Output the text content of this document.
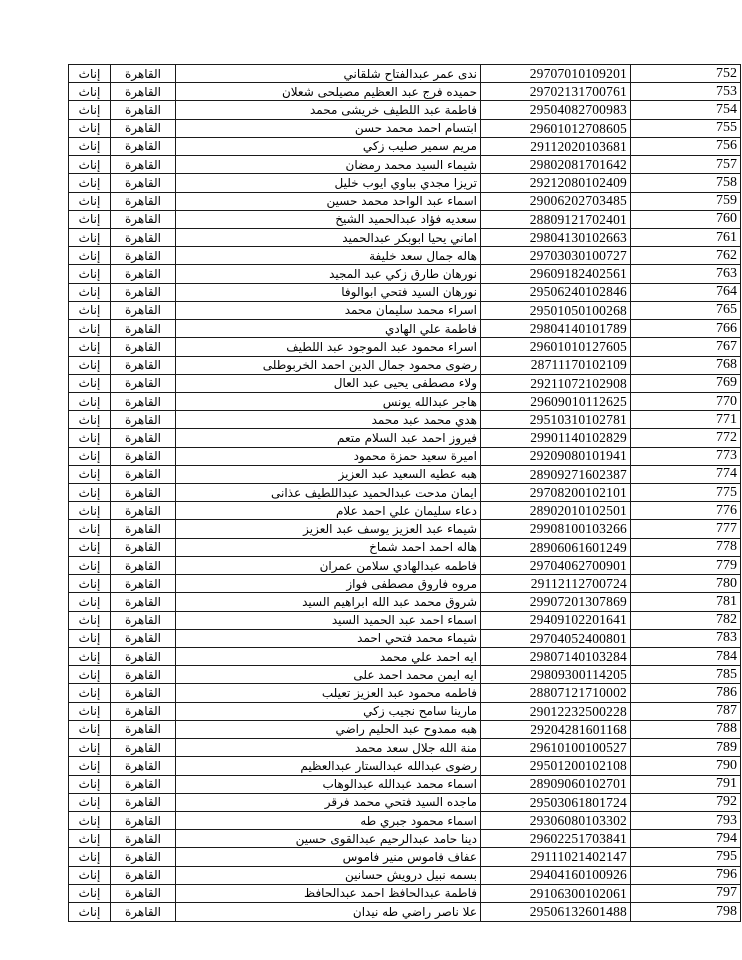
إناث	القاهرة	ندى عمر عبدالفتاح شلقاني	29707010109201	752
إناث	القاهرة	حميده فرج عبد العظيم مصيلحى شعلان	29702131700761	753
إناث	القاهرة	فاطمة عبد اللطيف خريشى محمد	29504082700983	754
إناث	القاهرة	ابتسام احمد محمد حسن	29601012708605	755
إناث	القاهرة	مريم سمير صليب زكي	29112020103681	756
إناث	القاهرة	شيماء السيد محمد رمضان	29802081701642	757
إناث	القاهرة	تريزا مجدي بباوي ايوب خليل	29212080102409	758
إناث	القاهرة	اسماء عبد الواحد محمد حسين	29006202703485	759
إناث	القاهرة	سعديه فؤاد عبدالحميد الشيخ	28809121702401	760
إناث	القاهرة	اماني يحيا ابوبكر عبدالحميد	29804130102663	761
إناث	القاهرة	هاله جمال سعد خليفة	29703030100727	762
إناث	القاهرة	نورهان طارق زكي عبد المجيد	29609182402561	763
إناث	القاهرة	نورهان السيد فتحي ابوالوفا	29506240102846	764
إناث	القاهرة	اسراء محمد سليمان محمد	29501050100268	765
إناث	القاهرة	فاطمة علي الهادي	29804140101789	766
إناث	القاهرة	اسراء محمود عبد الموجود عبد اللطيف	29601010127605	767
إناث	القاهرة	رضوى محمود جمال الدين احمد الخربوطلى	28711170102109	768
إناث	القاهرة	ولاء مصطفى يحيى عبد العال	29211072102908	769
إناث	القاهرة	هاجر عبدالله يونس	29609010112625	770
إناث	القاهرة	هدي محمد عبد محمد	29510310102781	771
إناث	القاهرة	فيروز احمد عبد السلام متعم	29901140102829	772
إناث	القاهرة	اميرة سعيد حمزة محمود	29209080101941	773
إناث	القاهرة	هبه عطيه السعيد عبد العزيز	28909271602387	774
إناث	القاهرة	ايمان مدحت عبدالحميد عبداللطيف عذانى	29708200102101	775
إناث	القاهرة	دعاء سليمان علي احمد علام	28902010102501	776
إناث	القاهرة	شيماء عبد العزيز يوسف عبد العزيز	29908100103266	777
إناث	القاهرة	هاله احمد احمد شماخ	28906061601249	778
إناث	القاهرة	فاطمه عبدالهادي سلامن عمران	29704062700901	779
إناث	القاهرة	مروه فاروق مصطفى فواز	29112112700724	780
إناث	القاهرة	شروق محمد عبد الله ابراهيم السيد	29907201307869	781
إناث	القاهرة	اسماء احمد عبد الحميد السيد	29409102201641	782
إناث	القاهرة	شيماء محمد فتحي احمد	29704052400801	783
إناث	القاهرة	ايه احمد علي محمد	29807140103284	784
إناث	القاهرة	ايه ايمن محمد احمد على	29809300114205	785
إناث	القاهرة	فاطمه محمود عبد العزيز تعيلب	28807121710002	786
إناث	القاهرة	مارينا سامح نجيب زكي	29012232500228	787
إناث	القاهرة	هبه ممدوح عبد الحليم راضي	29204281601168	788
إناث	القاهرة	منة الله جلال سعد محمد	29610100100527	789
إناث	القاهرة	رضوى عبدالله عبدالستار عبدالعظيم	29501200102108	790
إناث	القاهرة	اسماء محمد عبدالله عبدالوهاب	28909060102701	791
إناث	القاهرة	ماجده السيد فتحي محمد فرقر	29503061801724	792
إناث	القاهرة	اسماء محمود جبري طه	29306080103302	793
إناث	القاهرة	دينا حامد عبدالرحيم عبدالقوى حسين	29602251703841	794
إناث	القاهرة	عفاف فاموس منير فاموس	29111021402147	795
إناث	القاهرة	بسمه نبيل درويش حسانين	29404160100926	796
إناث	القاهرة	فاطمة عبدالحافظ احمد عبدالحافظ	29106300102061	797
إناث	القاهرة	علا ناصر راضي طه نيدان	29506132601488	798
